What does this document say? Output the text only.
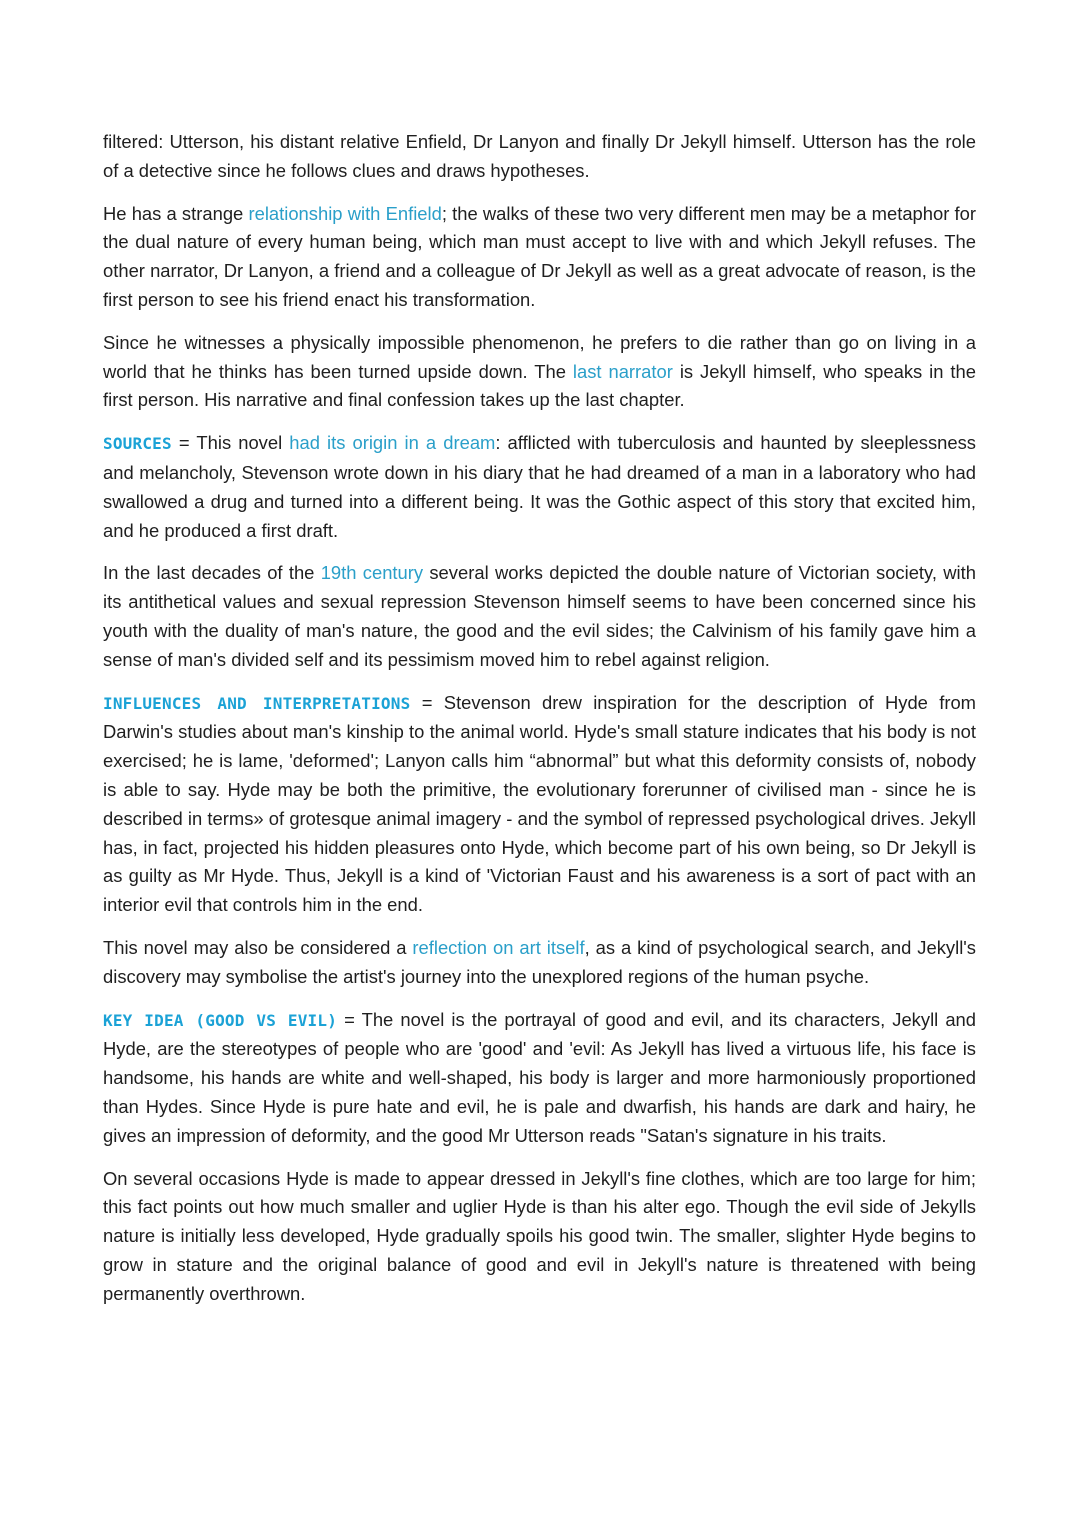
filtered: Utterson, his distant relative Enfield, Dr Lanyon and finally Dr Jekyll himself. Utterson has the role of a detective since he follows clues and draws hypotheses.

He has a strange relationship with Enfield; the walks of these two very different men may be a metaphor for the dual nature of every human being, which man must accept to live with and which Jekyll refuses. The other narrator, Dr Lanyon, a friend and a colleague of Dr Jekyll as well as a great advocate of reason, is the first person to see his friend enact his transformation.

Since he witnesses a physically impossible phenomenon, he prefers to die rather than go on living in a world that he thinks has been turned upside down. The last narrator is Jekyll himself, who speaks in the first person. His narrative and final confession takes up the last chapter.

SOURCES = This novel had its origin in a dream: afflicted with tuberculosis and haunted by sleeplessness and melancholy, Stevenson wrote down in his diary that he had dreamed of a man in a laboratory who had swallowed a drug and turned into a different being. It was the Gothic aspect of this story that excited him, and he produced a first draft.

In the last decades of the 19th century several works depicted the double nature of Victorian society, with its antithetical values and sexual repression Stevenson himself seems to have been concerned since his youth with the duality of man's nature, the good and the evil sides; the Calvinism of his family gave him a sense of man's divided self and its pessimism moved him to rebel against religion.

INFLUENCES AND INTERPRETATIONS = Stevenson drew inspiration for the description of Hyde from Darwin's studies about man's kinship to the animal world. Hyde's small stature indicates that his body is not exercised; he is lame, 'deformed'; Lanyon calls him “abnormal” but what this deformity consists of, nobody is able to say. Hyde may be both the primitive, the evolutionary forerunner of civilised man - since he is described in terms» of grotesque animal imagery - and the symbol of repressed psychological drives. Jekyll has, in fact, projected his hidden pleasures onto Hyde, which become part of his own being, so Dr Jekyll is as guilty as Mr Hyde. Thus, Jekyll is a kind of 'Victorian Faust and his awareness is a sort of pact with an interior evil that controls him in the end.

This novel may also be considered a reflection on art itself, as a kind of psychological search, and Jekyll's discovery may symbolise the artist's journey into the unexplored regions of the human psyche.

KEY IDEA (GOOD VS EVIL) = The novel is the portrayal of good and evil, and its characters, Jekyll and Hyde, are the stereotypes of people who are 'good' and 'evil: As Jekyll has lived a virtuous life, his face is handsome, his hands are white and well-shaped, his body is larger and more harmoniously proportioned than Hydes. Since Hyde is pure hate and evil, he is pale and dwarfish, his hands are dark and hairy, he gives an impression of deformity, and the good Mr Utterson reads "Satan's signature in his traits.

On several occasions Hyde is made to appear dressed in Jekyll's fine clothes, which are too large for him; this fact points out how much smaller and uglier Hyde is than his alter ego. Though the evil side of Jekylls nature is initially less developed, Hyde gradually spoils his good twin. The smaller, slighter Hyde begins to grow in stature and the original balance of good and evil in Jekyll's nature is threatened with being permanently overthrown.
